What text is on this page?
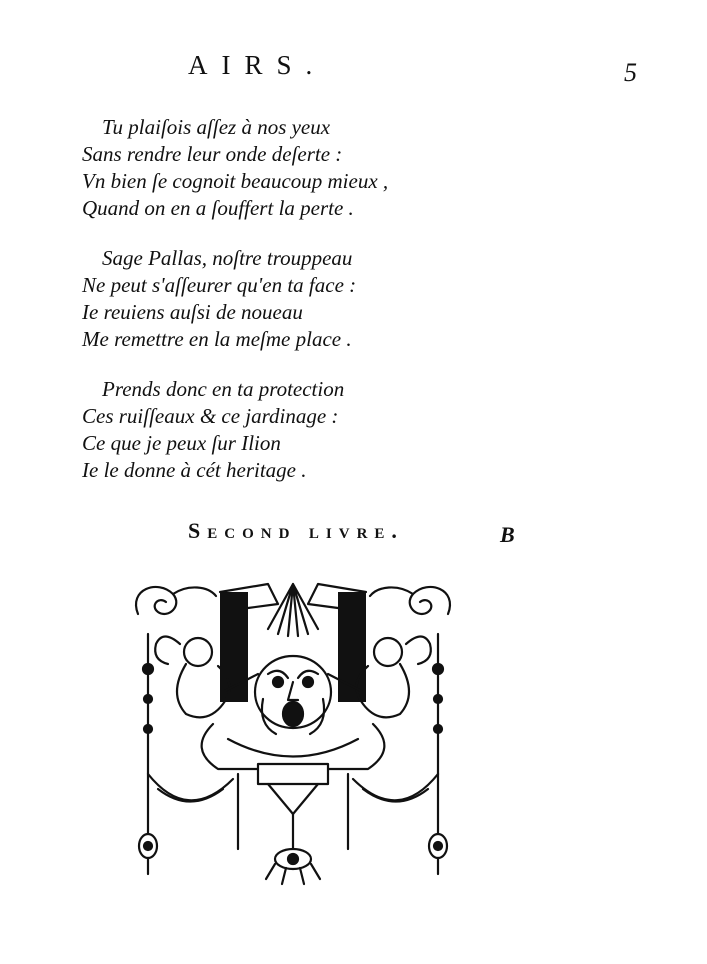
AIRS.	5
Tu plaiſois aſſez à nos yeux
Sans rendre leur onde deſerte :
Vn bien ſe cognoit beaucoup mieux ,
Quand on en a ſouffert la perte .
Sage Pallas, noſtre trouppeau
Ne peut s'aſſeurer qu'en ta face :
Ie reuiens auſsi de noueau
Me remettre en la meſme place .
Prends donc en ta protection
Ces ruiſſeaux & ce jardinage :
Ce que je peux ſur Ilion
Ie le donne à cét heritage .
Second livre.	B
